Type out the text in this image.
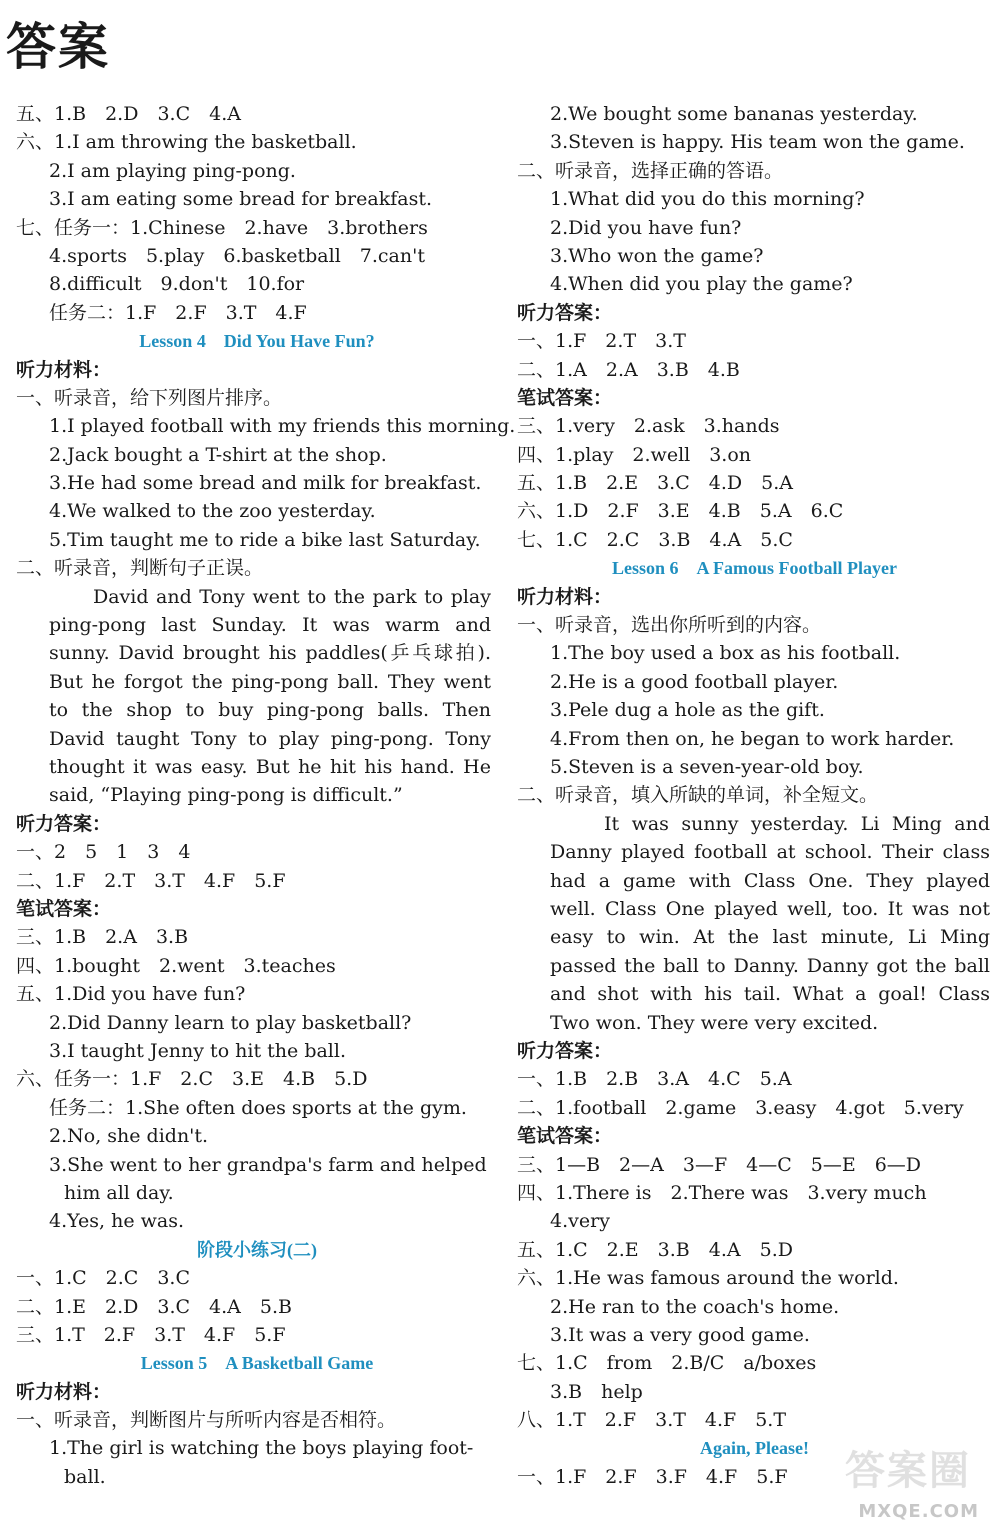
答案
五、1.B　2.D　3.C　4.A
六、1.I am throwing the basketball.
2.I am playing ping-pong.
3.I am eating some bread for breakfast.
七、任务一：1.Chinese　2.have　3.brothers
4.sports　5.play　6.basketball　7.can't
8.difficult　9.don't　10.for
任务二：1.F　2.F　3.T　4.F
Lesson 4　Did You Have Fun?
听力材料：
一、听录音，给下列图片排序。
1.I played football with my friends this morning.
2.Jack bought a T-shirt at the shop.
3.He had some bread and milk for breakfast.
4.We walked to the zoo yesterday.
5.Tim taught me to ride a bike last Saturday.
二、听录音，判断句子正误。
David and Tony went to the park to play ping-pong last Sunday. It was warm and sunny. David brought his paddles(乒乓球拍). But he forgot the ping-pong ball. They went to the shop to buy ping-pong balls. Then David taught Tony to play ping-pong. Tony thought it was easy. But he hit his hand. He said, “Playing ping-pong is difficult.”
听力答案：
一、2　5　1　3　4
二、1.F　2.T　3.T　4.F　5.F
笔试答案：
三、1.B　2.A　3.B
四、1.bought　2.went　3.teaches
五、1.Did you have fun?
2.Did Danny learn to play basketball?
3.I taught Jenny to hit the ball.
六、任务一：1.F　2.C　3.E　4.B　5.D
任务二：1.She often does sports at the gym.
2.No, she didn't.
3.She went to her grandpa's farm and helped
him all day.
4.Yes, he was.
阶段小练习(二)
一、1.C　2.C　3.C
二、1.E　2.D　3.C　4.A　5.B
三、1.T　2.F　3.T　4.F　5.F
Lesson 5　A Basketball Game
听力材料：
一、听录音，判断图片与所听内容是否相符。
1.The girl is watching the boys playing foot-
ball.
2.We bought some bananas yesterday.
3.Steven is happy. His team won the game.
二、听录音，选择正确的答语。
1.What did you do this morning?
2.Did you have fun?
3.Who won the game?
4.When did you play the game?
听力答案：
一、1.F　2.T　3.T
二、1.A　2.A　3.B　4.B
笔试答案：
三、1.very　2.ask　3.hands
四、1.play　2.well　3.on
五、1.B　2.E　3.C　4.D　5.A
六、1.D　2.F　3.E　4.B　5.A　6.C
七、1.C　2.C　3.B　4.A　5.C
Lesson 6　A Famous Football Player
听力材料：
一、听录音，选出你所听到的内容。
1.The boy used a box as his football.
2.He is a good football player.
3.Pele dug a hole as the gift.
4.From then on, he began to work harder.
5.Steven is a seven-year-old boy.
二、听录音，填入所缺的单词，补全短文。
It was sunny yesterday. Li Ming and Danny played football at school. Their class had a game with Class One. They played well. Class One played well, too. It was not easy to win. At the last minute, Li Ming passed the ball to Danny. Danny got the ball and shot with his tail. What a goal! Class Two won. They were very excited.
听力答案：
一、1.B　2.B　3.A　4.C　5.A
二、1.football　2.game　3.easy　4.got　5.very
笔试答案：
三、1—B　2—A　3—F　4—C　5—E　6—D
四、1.There is　2.There was　3.very much
4.very
五、1.C　2.E　3.B　4.A　5.D
六、1.He was famous around the world.
2.He ran to the coach's home.
3.It was a very good game.
七、1.C　from　2.B/C　a/boxes
3.B　help
八、1.T　2.F　3.T　4.F　5.T
Again, Please!
一、1.F　2.F　3.F　4.F　5.F	答案圈
MXQE.COM
